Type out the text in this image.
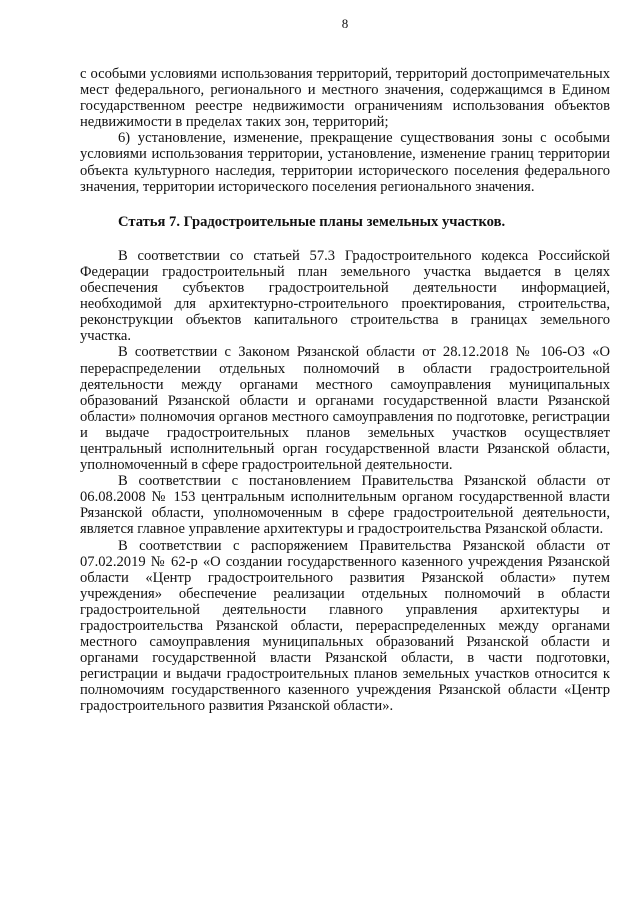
8

с особыми условиями использования территорий, территорий достопримечательных мест федерального, регионального и местного значения, содержащимся в Едином государственном реестре недвижимости ограничениям использования объектов недвижимости в пределах таких зон, территорий;

6) установление, изменение, прекращение существования зоны с особыми условиями использования территории, установление, изменение границ территории объекта культурного наследия, территории исторического поселения федерального значения, территории исторического поселения регионального значения.

Статья 7. Градостроительные планы земельных участков.

В соответствии со статьей 57.3 Градостроительного кодекса Российской Федерации градостроительный план земельного участка выдается в целях обеспечения субъектов градостроительной деятельности информацией, необходимой для архитектурно-строительного проектирования, строительства, реконструкции объектов капитального строительства в границах земельного участка.

В соответствии с Законом Рязанской области от 28.12.2018 № 106-ОЗ «О перераспределении отдельных полномочий в области градостроительной деятельности между органами местного самоуправления муниципальных образований Рязанской области и органами государственной власти Рязанской области» полномочия органов местного самоуправления по подготовке, регистрации и выдаче градостроительных планов земельных участков осуществляет центральный исполнительный орган государственной власти Рязанской области, уполномоченный в сфере градостроительной деятельности.

В соответствии с постановлением Правительства Рязанской области от 06.08.2008 № 153 центральным исполнительным органом государственной власти Рязанской области, уполномоченным в сфере градостроительной деятельности, является главное управление архитектуры и градостроительства Рязанской области.

В соответствии с распоряжением Правительства Рязанской области от 07.02.2019 № 62-р «О создании государственного казенного учреждения Рязанской области «Центр градостроительного развития Рязанской области» путем учреждения» обеспечение реализации отдельных полномочий в области градостроительной деятельности главного управления архитектуры и градостроительства Рязанской области, перераспределенных между органами местного самоуправления муниципальных образований Рязанской области и органами государственной власти Рязанской области, в части подготовки, регистрации и выдачи градостроительных планов земельных участков относится к полномочиям государственного казенного учреждения Рязанской области «Центр градостроительного развития Рязанской области».
